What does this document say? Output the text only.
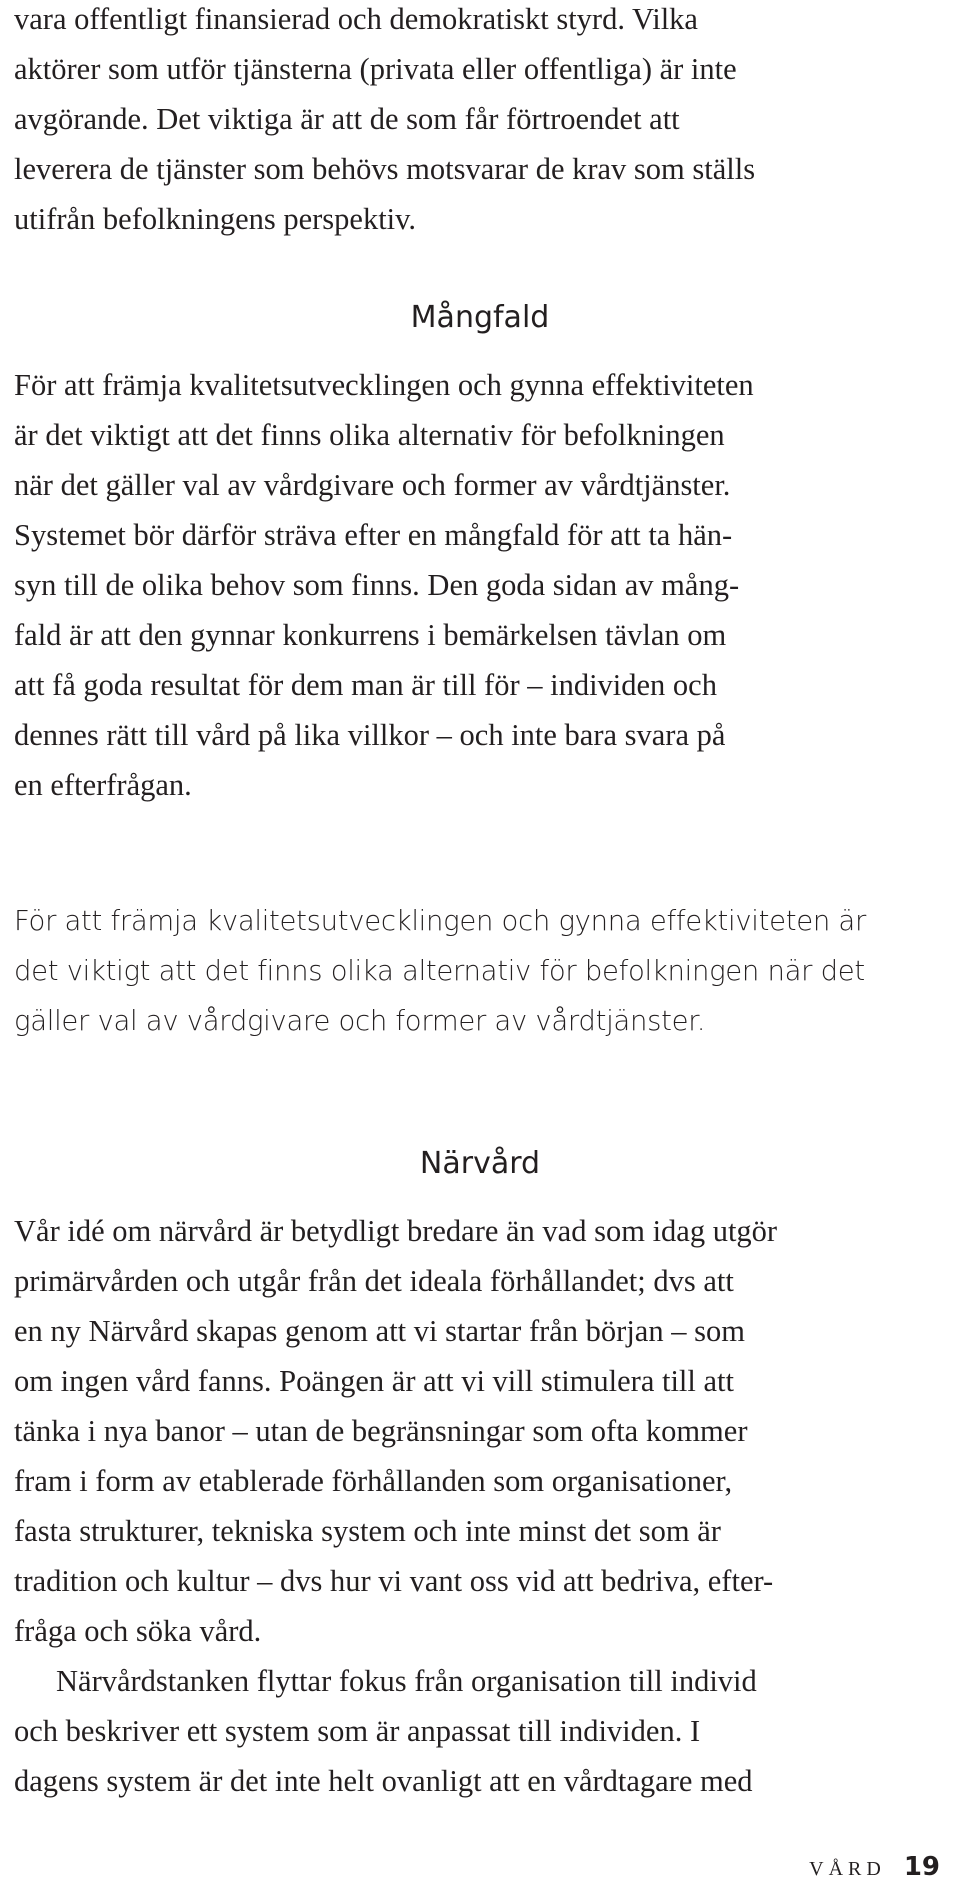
vara offentligt finansierad och demokratiskt styrd. Vilka
aktörer som utför tjänsterna (privata eller offentliga) är inte
avgörande. Det viktiga är att de som får förtroendet att
leverera de tjänster som behövs motsvarar de krav som ställs
utifrån befolkningens perspektiv.

Mångfald

För att främja kvalitetsutvecklingen och gynna effektiviteten
är det viktigt att det finns olika alternativ för befolkningen
när det gäller val av vårdgivare och former av vårdtjänster.
Systemet bör därför sträva efter en mångfald för att ta hän-
syn till de olika behov som finns. Den goda sidan av mång-
fald är att den gynnar konkurrens i bemärkelsen tävlan om
att få goda resultat för dem man är till för – individen och
dennes rätt till vård på lika villkor – och inte bara svara på
en efterfrågan.

För att främja kvalitetsutvecklingen och gynna effektiviteten är
det viktigt att det finns olika alternativ för befolkningen när det
gäller val av vårdgivare och former av vårdtjänster.

Närvård

Vår idé om närvård är betydligt bredare än vad som idag utgör
primärvården och utgår från det ideala förhållandet; dvs att
en ny Närvård skapas genom att vi startar från början – som
om ingen vård fanns. Poängen är att vi vill stimulera till att
tänka i nya banor – utan de begränsningar som ofta kommer
fram i form av etablerade förhållanden som organisationer,
fasta strukturer, tekniska system och inte minst det som är
tradition och kultur – dvs hur vi vant oss vid att bedriva, efter-
fråga och söka vård.

Närvårdstanken flyttar fokus från organisation till individ
och beskriver ett system som är anpassat till individen. I
dagens system är det inte helt ovanligt att en vårdtagare med

VÅRD 19
